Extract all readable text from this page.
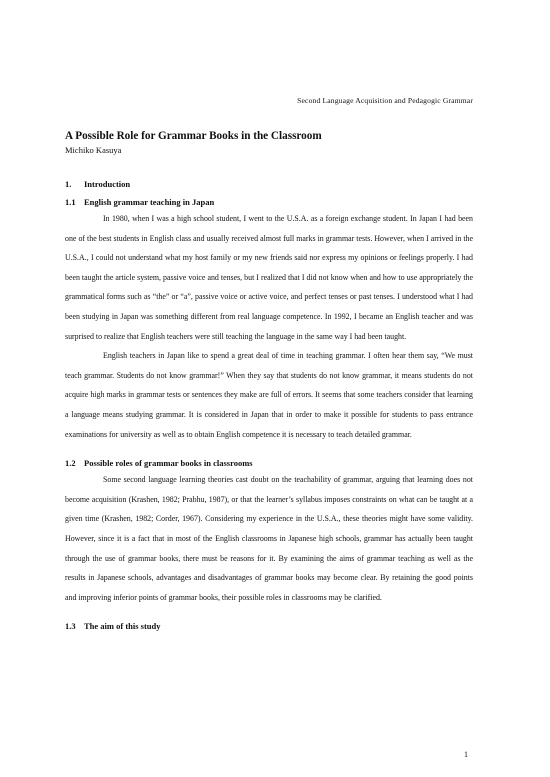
Second Language Acquisition and Pedagogic Grammar
A Possible Role for Grammar Books in the Classroom

Michiko Kasuya

1.	Introduction
1.1 English grammar teaching in Japan

In 1980, when I was a high school student, I went to the U.S.A. as a foreign exchange student. In Japan I had been one of the best students in English class and usually received almost full marks in grammar tests. However, when I arrived in the U.S.A., I could not understand what my host family or my new friends said nor express my opinions or feelings properly. I had been taught the article system, passive voice and tenses, but I realized that I did not know when and how to use appropriately the grammatical forms such as “the” or “a”, passive voice or active voice, and perfect tenses or past tenses. I understood what I had been studying in Japan was something different from real language competence. In 1992, I became an English teacher and was surprised to realize that English teachers were still teaching the language in the same way I had been taught.

English teachers in Japan like to spend a great deal of time in teaching grammar. I often hear them say, “We must teach grammar. Students do not know grammar!” When they say that students do not know grammar, it means students do not acquire high marks in grammar tests or sentences they make are full of errors. It seems that some teachers consider that learning a language means studying grammar. It is considered in Japan that in order to make it possible for students to pass entrance examinations for university as well as to obtain English competence it is necessary to teach detailed grammar.

1.2 Possible roles of grammar books in classrooms

Some second language learning theories cast doubt on the teachability of grammar, arguing that learning does not become acquisition (Krashen, 1982; Prabhu, 1987), or that the learner’s syllabus imposes constraints on what can be taught at a given time (Krashen, 1982; Corder, 1967). Considering my experience in the U.S.A., these theories might have some validity. However, since it is a fact that in most of the English classrooms in Japanese high schools, grammar has actually been taught through the use of grammar books, there must be reasons for it. By examining the aims of grammar teaching as well as the results in Japanese schools, advantages and disadvantages of grammar books may become clear. By retaining the good points and improving inferior points of grammar books, their possible roles in classrooms may be clarified.

1.3 The aim of this study
1
